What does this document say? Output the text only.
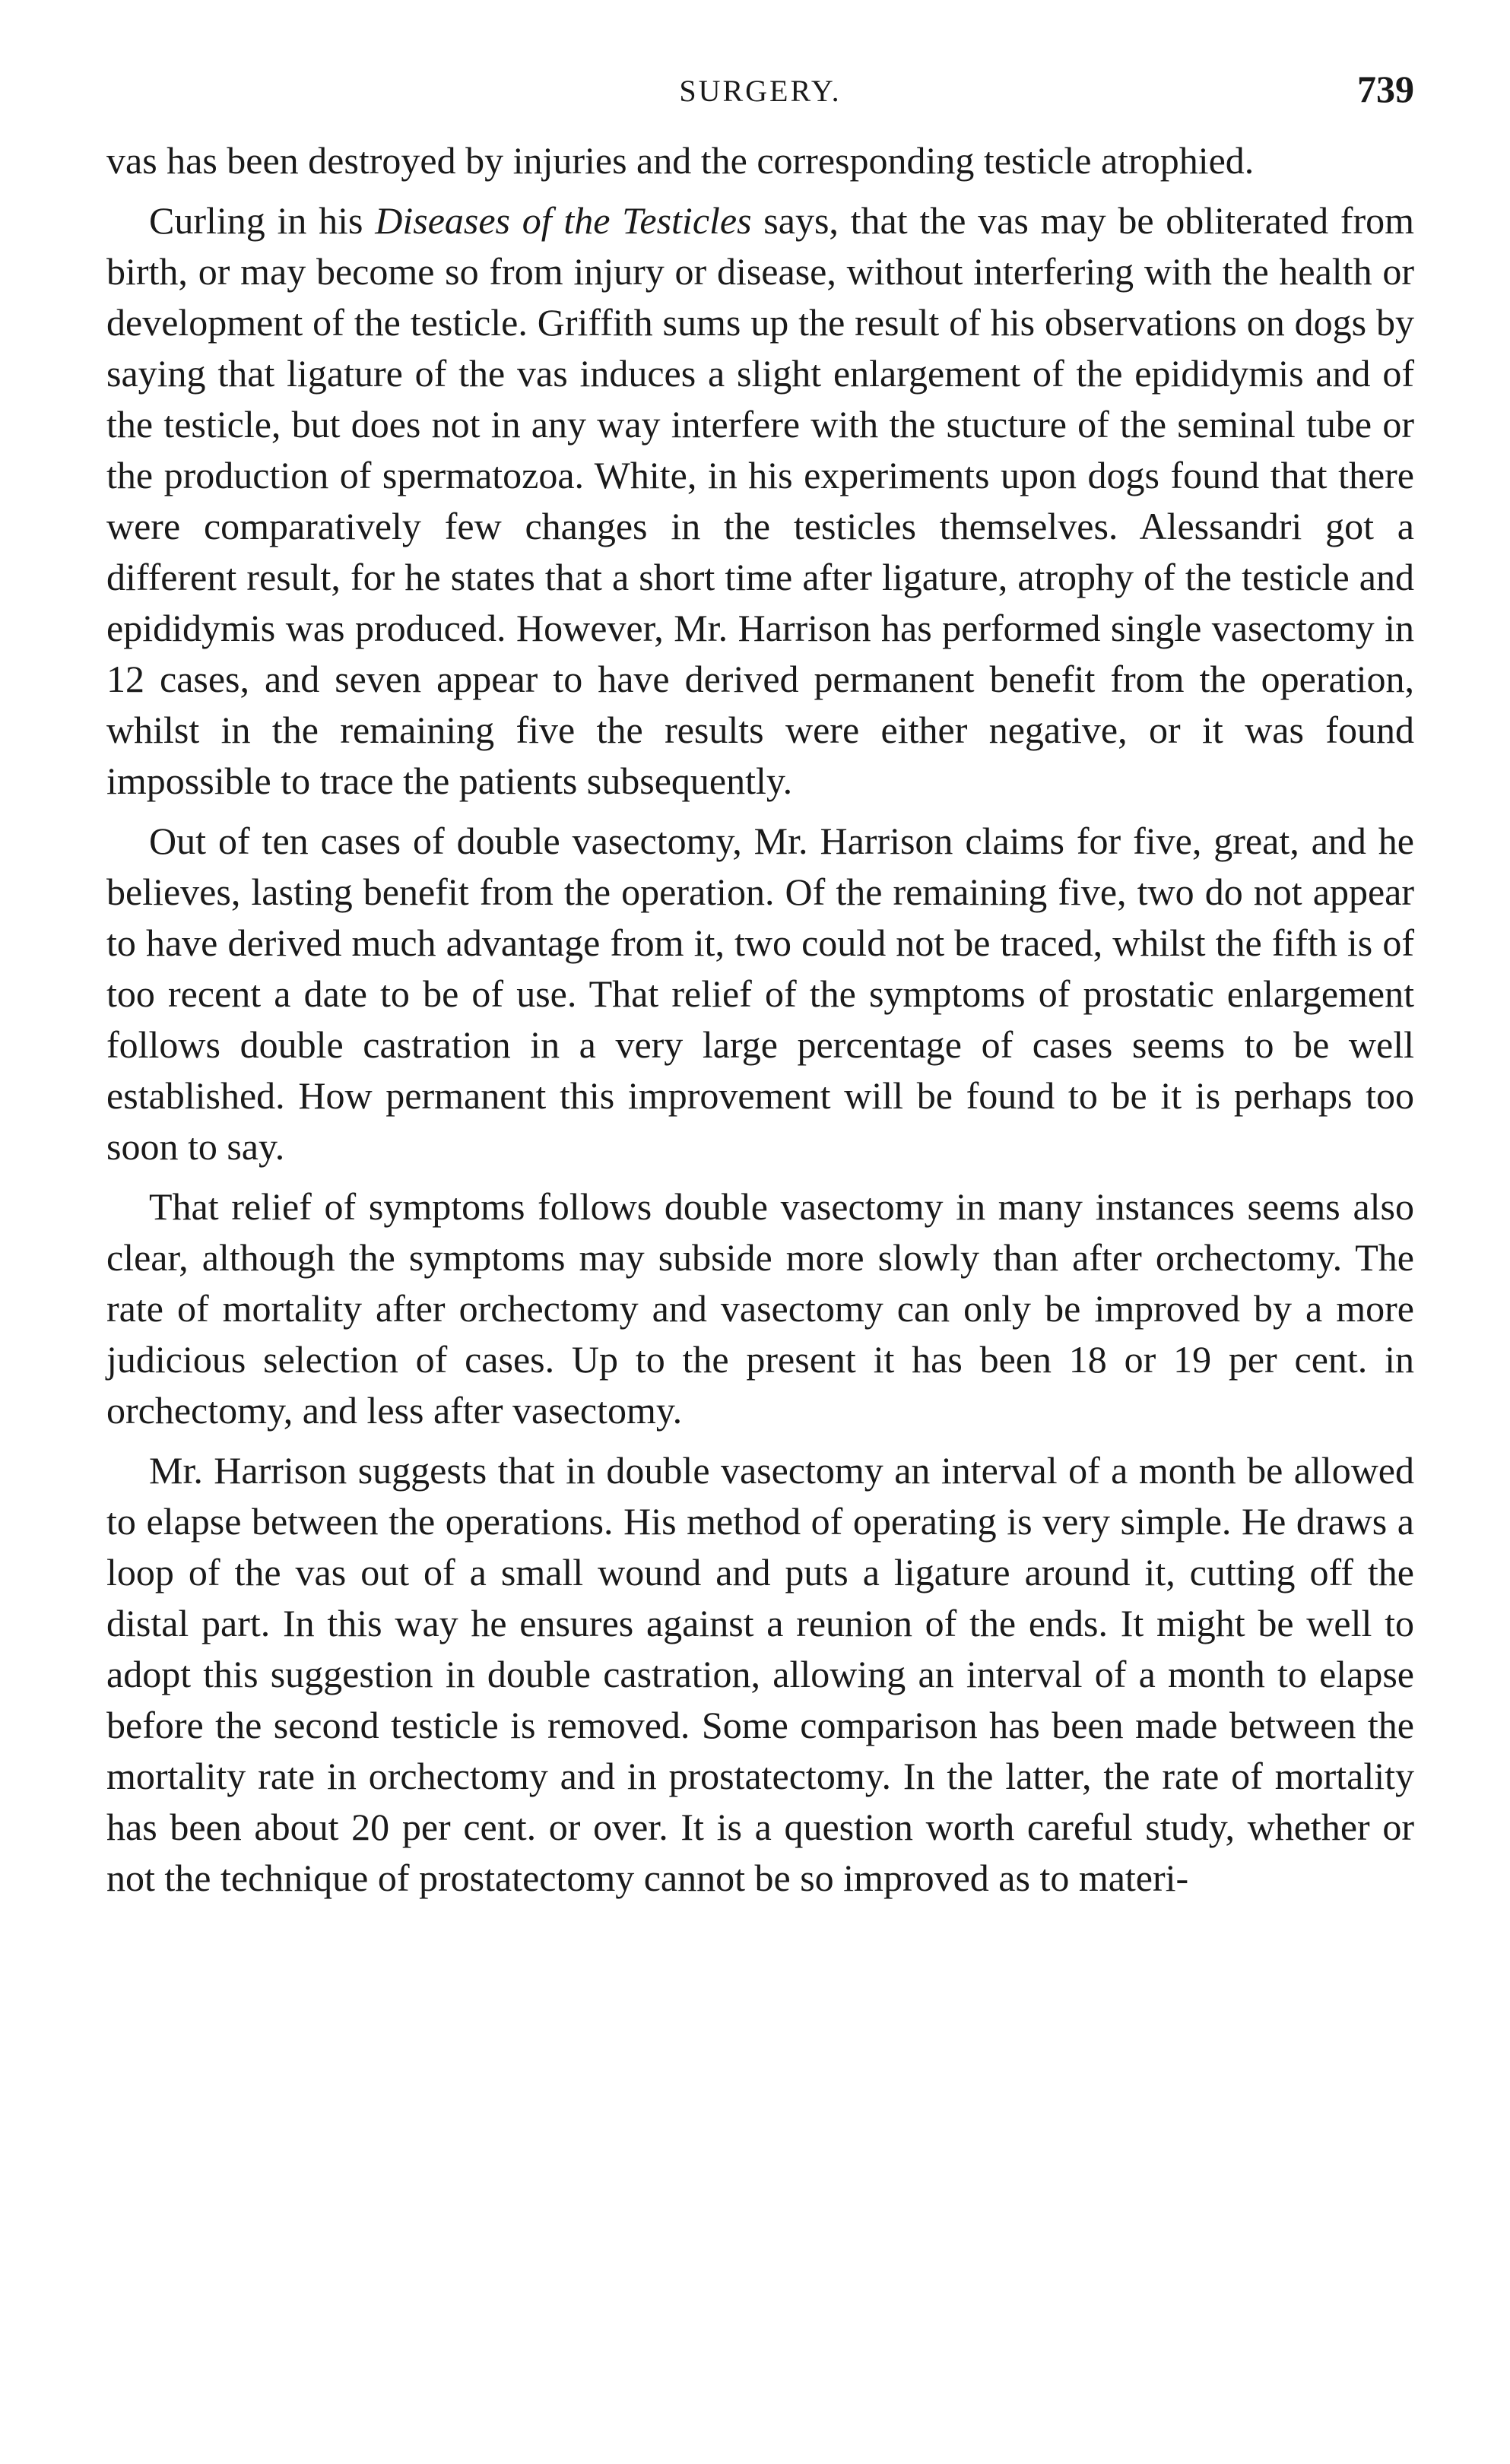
SURGERY.	739

vas has been destroyed by injuries and the corresponding testicle atrophied.

Curling in his Diseases of the Testicles says, that the vas may be obliterated from birth, or may become so from injury or disease, without interfering with the health or development of the testicle. Griffith sums up the result of his observations on dogs by saying that ligature of the vas induces a slight enlargement of the epididymis and of the testicle, but does not in any way interfere with the stucture of the seminal tube or the production of spermatozoa. White, in his experiments upon dogs found that there were comparatively few changes in the testicles themselves. Alessandri got a different result, for he states that a short time after ligature, atrophy of the testicle and epididymis was produced. However, Mr. Harrison has performed single vasectomy in 12 cases, and seven appear to have derived permanent benefit from the operation, whilst in the remaining five the results were either negative, or it was found impossible to trace the patients subsequently.

Out of ten cases of double vasectomy, Mr. Harrison claims for five, great, and he believes, lasting benefit from the operation. Of the remaining five, two do not appear to have derived much advantage from it, two could not be traced, whilst the fifth is of too recent a date to be of use. That relief of the symptoms of prostatic enlargement follows double castration in a very large percentage of cases seems to be well established. How permanent this improvement will be found to be it is perhaps too soon to say.

That relief of symptoms follows double vasectomy in many instances seems also clear, although the symptoms may subside more slowly than after orchectomy. The rate of mortality after orchectomy and vasectomy can only be improved by a more judicious selection of cases. Up to the present it has been 18 or 19 per cent. in orchectomy, and less after vasectomy.

Mr. Harrison suggests that in double vasectomy an interval of a month be allowed to elapse between the operations. His method of operating is very simple. He draws a loop of the vas out of a small wound and puts a ligature around it, cutting off the distal part. In this way he ensures against a reunion of the ends. It might be well to adopt this suggestion in double castration, allowing an interval of a month to elapse before the second testicle is removed. Some comparison has been made between the mortality rate in orchectomy and in prostatectomy. In the latter, the rate of mortality has been about 20 per cent. or over. It is a question worth careful study, whether or not the technique of prostatectomy cannot be so improved as to materi-
